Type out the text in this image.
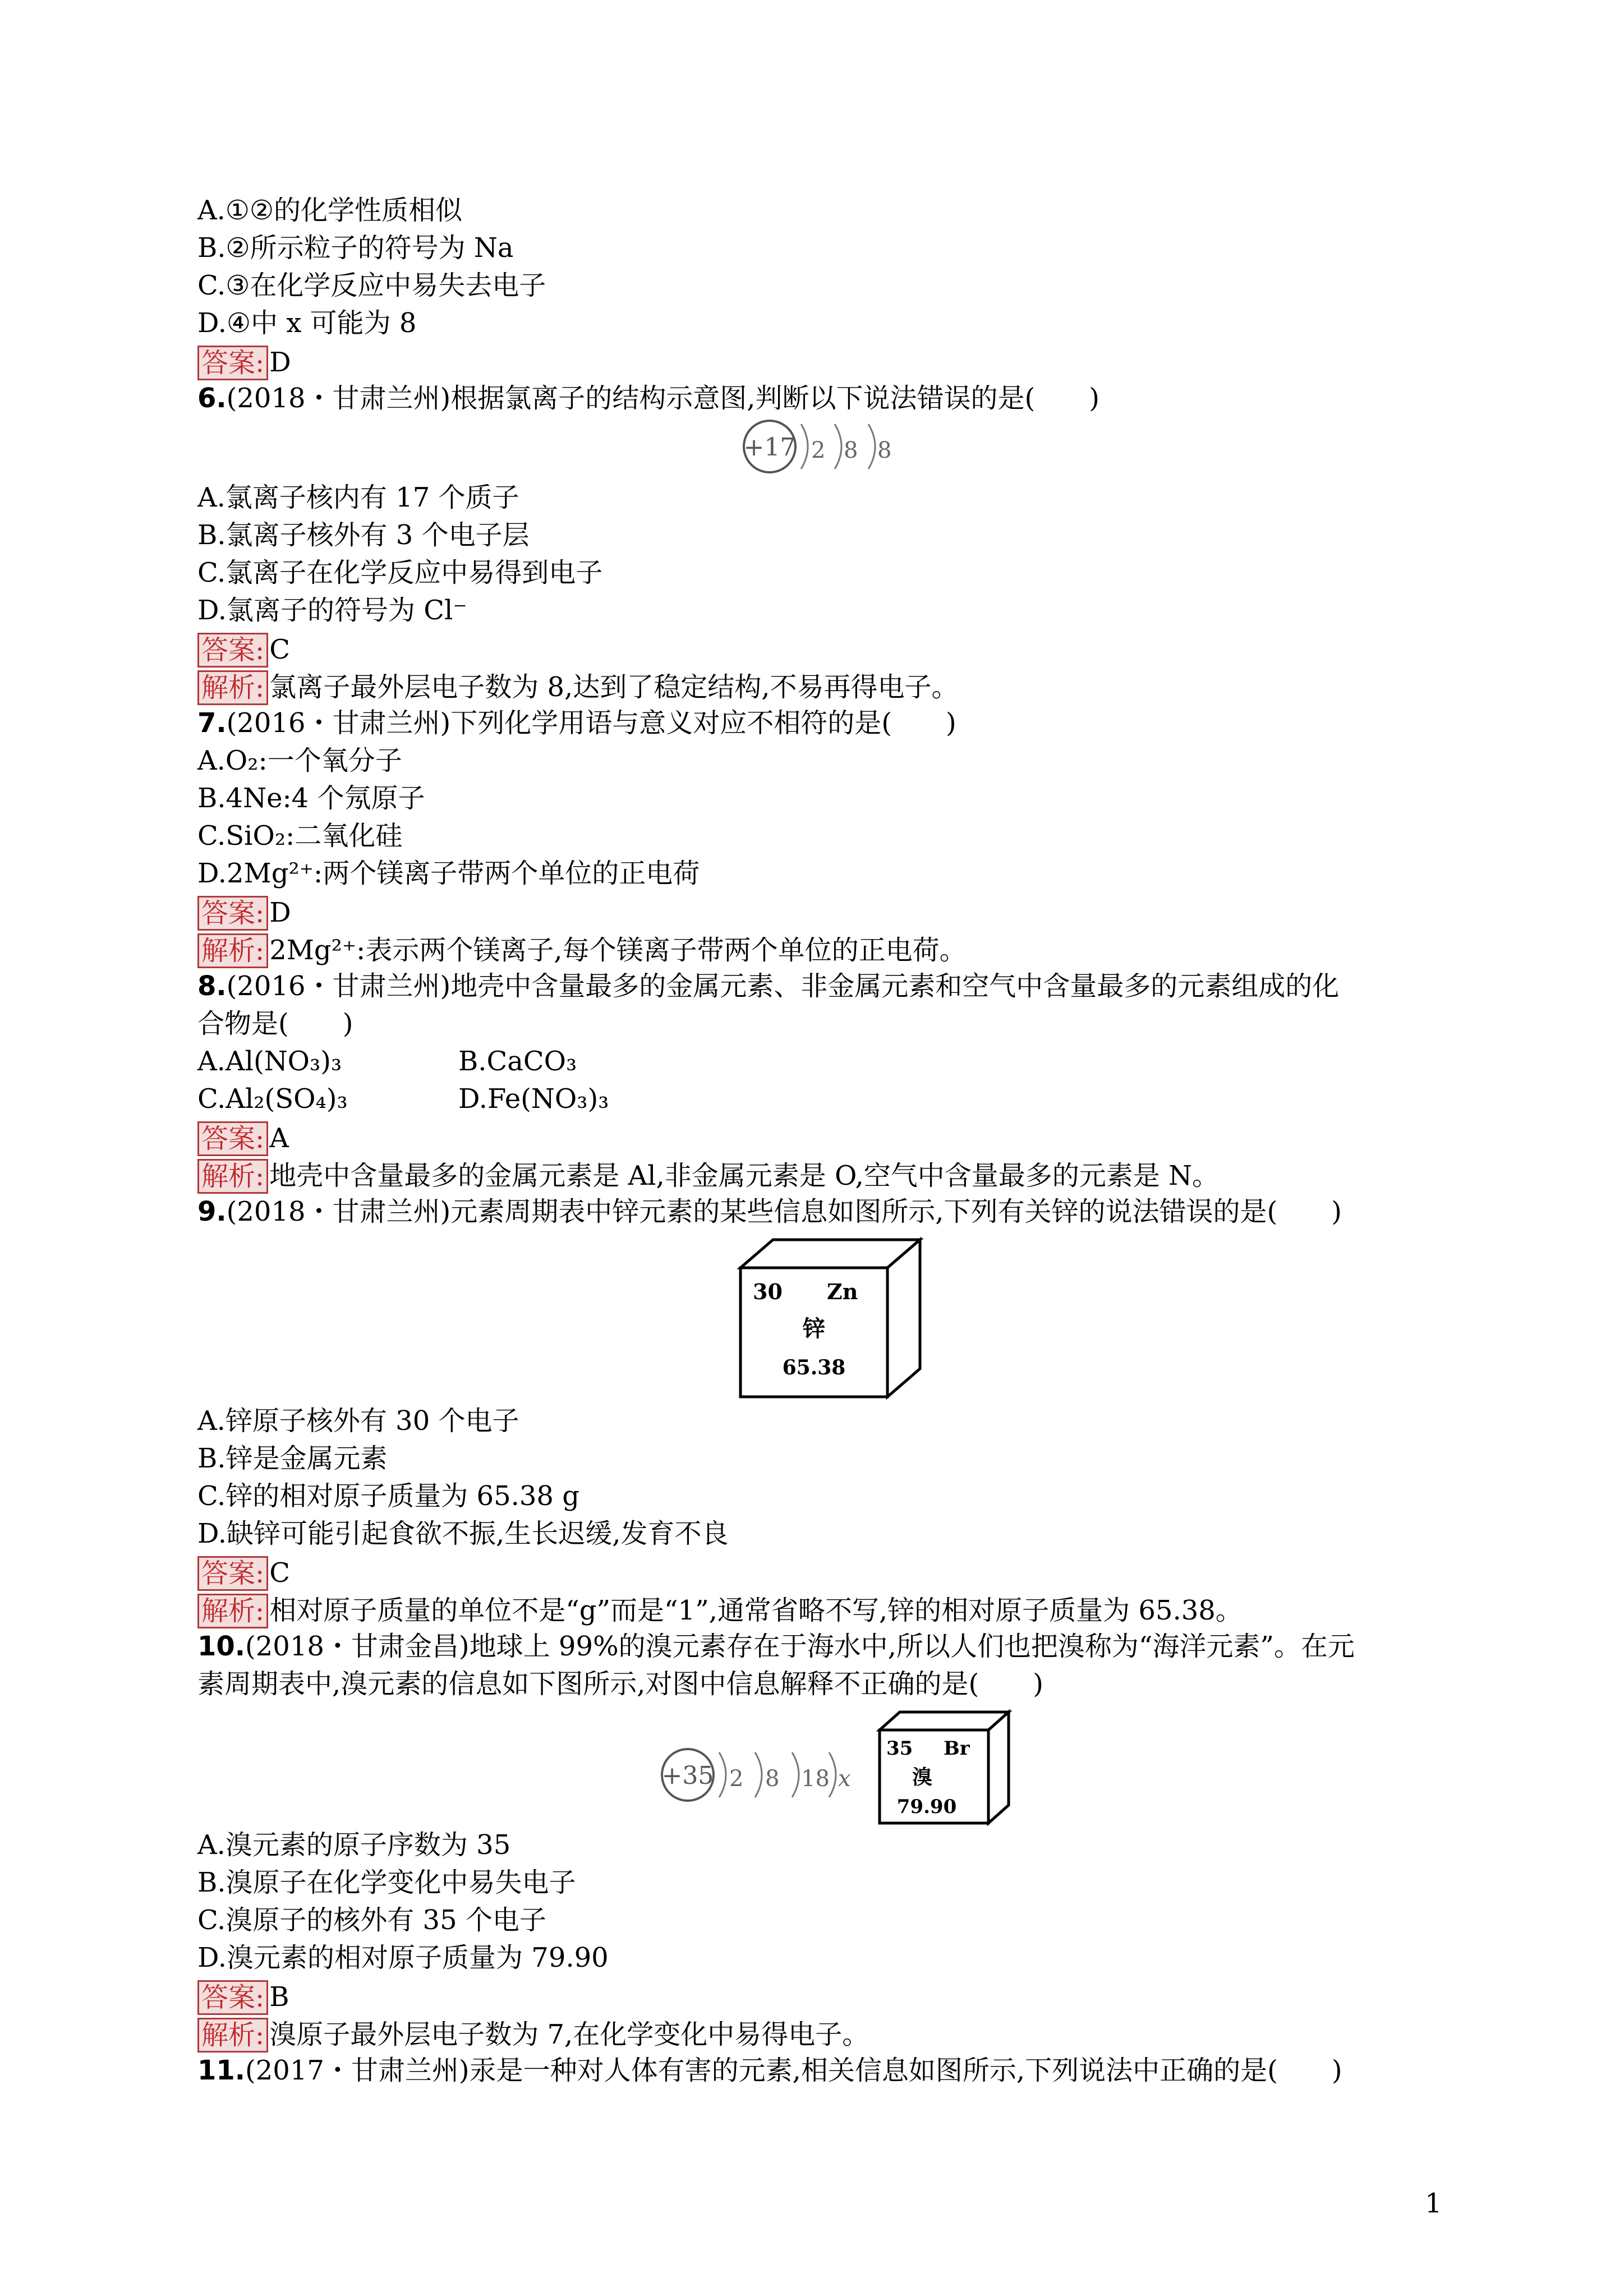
A.①②的化学性质相似
B.②所示粒子的符号为 Na
C.③在化学反应中易失去电子
D.④中 x 可能为 8
答案: D
6.(2018・甘肃兰州)根据氯离子的结构示意图,判断以下说法错误的是(　　)
+17 2 8 8
A.氯离子核内有 17 个质子
B.氯离子核外有 3 个电子层
C.氯离子在化学反应中易得到电子
D.氯离子的符号为 Cl⁻
答案: C
解析: 氯离子最外层电子数为 8,达到了稳定结构,不易再得电子。
7.(2016・甘肃兰州)下列化学用语与意义对应不相符的是(　　)
A.O₂:一个氧分子
B.4Ne:4 个氖原子
C.SiO₂:二氧化硅
D.2Mg²⁺:两个镁离子带两个单位的正电荷
答案: D
解析: 2Mg²⁺:表示两个镁离子,每个镁离子带两个单位的正电荷。
8.(2016・甘肃兰州)地壳中含量最多的金属元素、非金属元素和空气中含量最多的元素组成的化
合物是(　　)
A.Al(NO₃)₃	B.CaCO₃
C.Al₂(SO₄)₃	D.Fe(NO₃)₃
答案: A
解析: 地壳中含量最多的金属元素是 Al,非金属元素是 O,空气中含量最多的元素是 N。
9.(2018・甘肃兰州)元素周期表中锌元素的某些信息如图所示,下列有关锌的说法错误的是(　　)
30 Zn
锌
65.38
A.锌原子核外有 30 个电子
B.锌是金属元素
C.锌的相对原子质量为 65.38 g
D.缺锌可能引起食欲不振,生长迟缓,发育不良
答案: C
解析: 相对原子质量的单位不是“g”而是“1”,通常省略不写,锌的相对原子质量为 65.38。
10.(2018・甘肃金昌)地球上 99%的溴元素存在于海水中,所以人们也把溴称为“海洋元素”。在元
素周期表中,溴元素的信息如下图所示,对图中信息解释不正确的是(　　)
+35 2 8 18 x
35 Br
溴
79.90
A.溴元素的原子序数为 35
B.溴原子在化学变化中易失电子
C.溴原子的核外有 35 个电子
D.溴元素的相对原子质量为 79.90
答案: B
解析: 溴原子最外层电子数为 7,在化学变化中易得电子。
11.(2017・甘肃兰州)汞是一种对人体有害的元素,相关信息如图所示,下列说法中正确的是(　　)
1
